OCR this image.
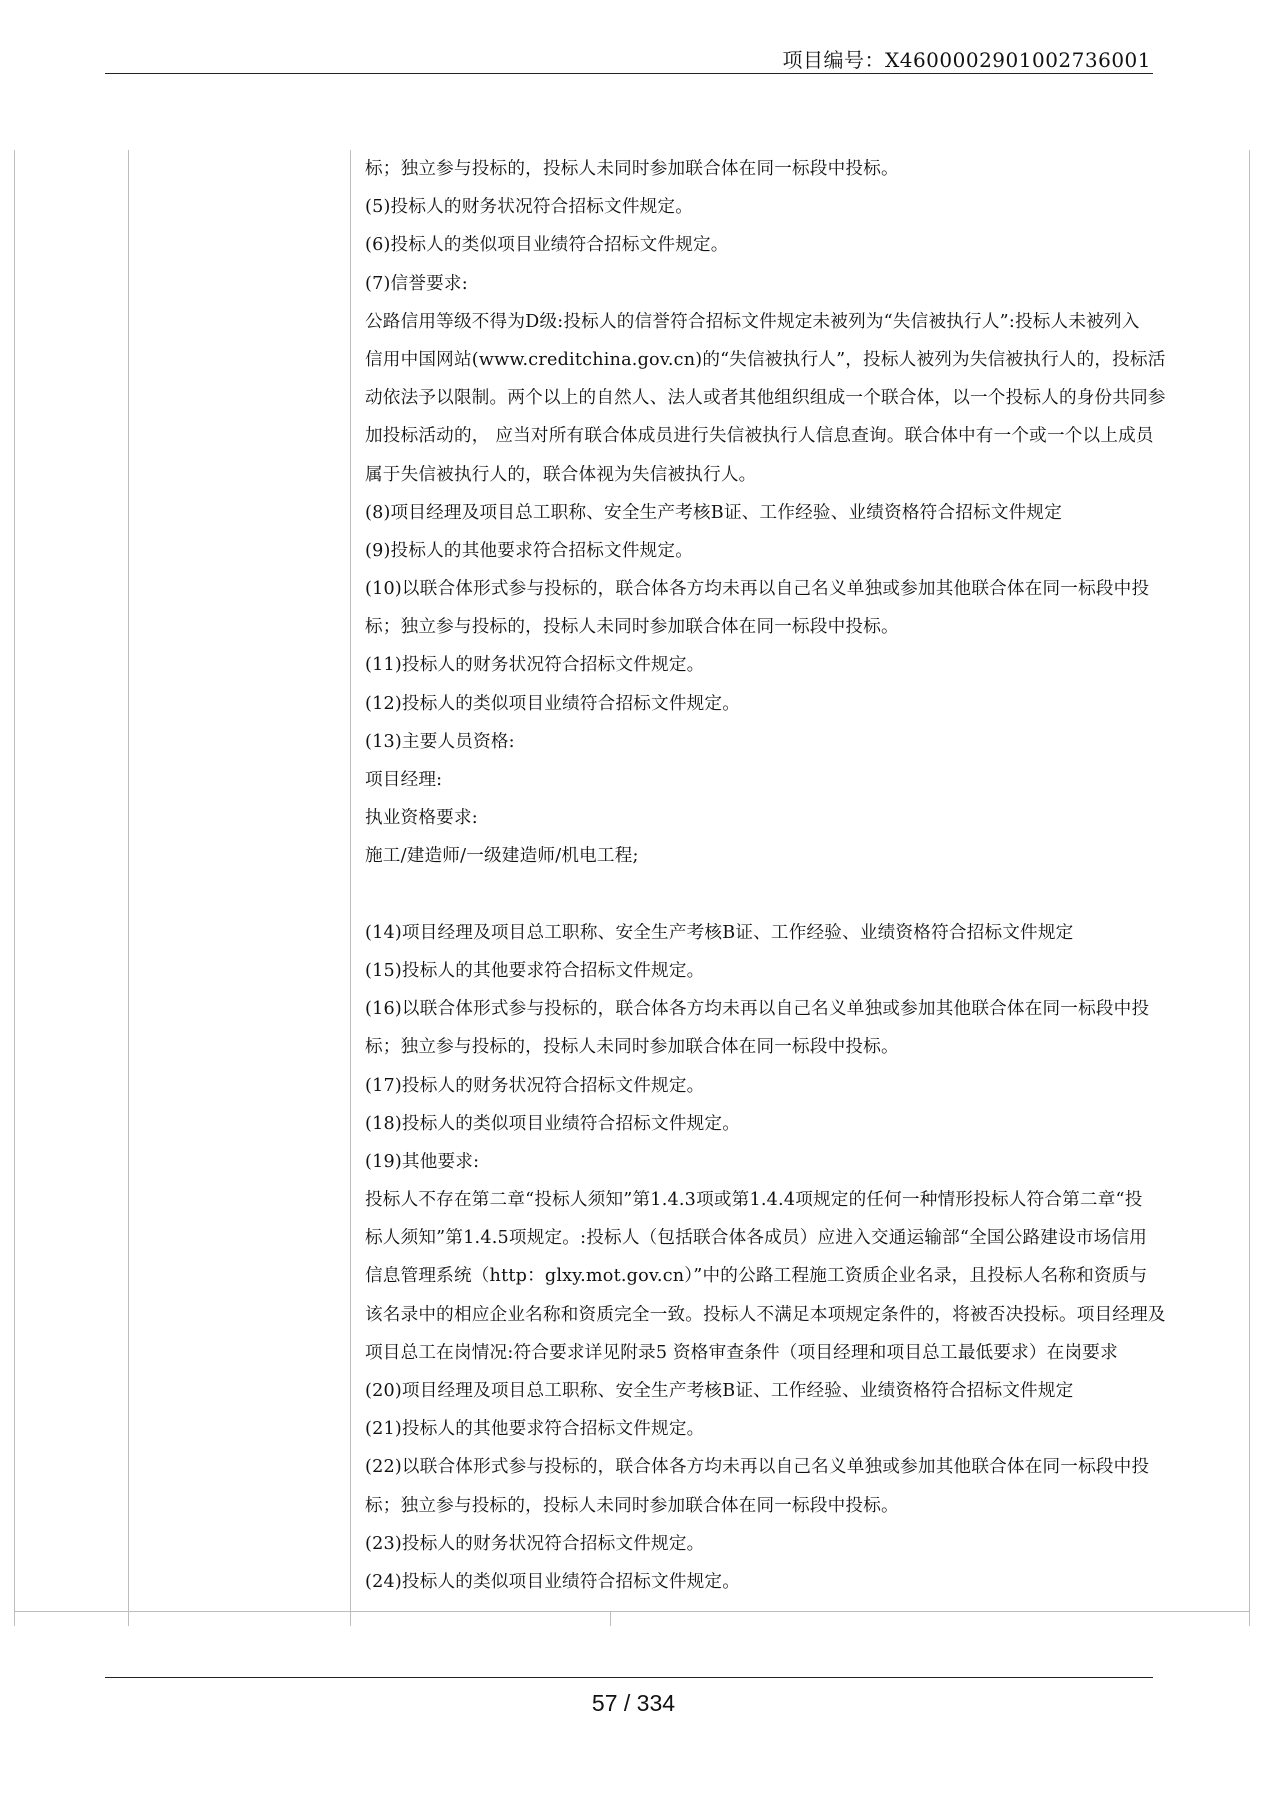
项目编号：X4600002901002736001
标；独立参与投标的，投标人未同时参加联合体在同一标段中投标。
(5)投标人的财务状况符合招标文件规定。
(6)投标人的类似项目业绩符合招标文件规定。
(7)信誉要求:
公路信用等级不得为D级:投标人的信誉符合招标文件规定未被列为“失信被执行人”:投标人未被列入
信用中国网站(www.creditchina.gov.cn)的“失信被执行人”，投标人被列为失信被执行人的，投标活
动依法予以限制。两个以上的自然人、法人或者其他组织组成一个联合体，以一个投标人的身份共同参
加投标活动的， 应当对所有联合体成员进行失信被执行人信息查询。联合体中有一个或一个以上成员
属于失信被执行人的，联合体视为失信被执行人。
(8)项目经理及项目总工职称、安全生产考核B证、工作经验、业绩资格符合招标文件规定
(9)投标人的其他要求符合招标文件规定。
(10)以联合体形式参与投标的，联合体各方均未再以自己名义单独或参加其他联合体在同一标段中投
标；独立参与投标的，投标人未同时参加联合体在同一标段中投标。
(11)投标人的财务状况符合招标文件规定。
(12)投标人的类似项目业绩符合招标文件规定。
(13)主要人员资格:
项目经理:
执业资格要求:
施工/建造师/一级建造师/机电工程;
(14)项目经理及项目总工职称、安全生产考核B证、工作经验、业绩资格符合招标文件规定
(15)投标人的其他要求符合招标文件规定。
(16)以联合体形式参与投标的，联合体各方均未再以自己名义单独或参加其他联合体在同一标段中投
标；独立参与投标的，投标人未同时参加联合体在同一标段中投标。
(17)投标人的财务状况符合招标文件规定。
(18)投标人的类似项目业绩符合招标文件规定。
(19)其他要求:
投标人不存在第二章“投标人须知”第1.4.3项或第1.4.4项规定的任何一种情形投标人符合第二章“投
标人须知”第1.4.5项规定。:投标人（包括联合体各成员）应进入交通运输部“全国公路建设市场信用
信息管理系统（http：glxy.mot.gov.cn）”中的公路工程施工资质企业名录，且投标人名称和资质与
该名录中的相应企业名称和资质完全一致。投标人不满足本项规定条件的，将被否决投标。项目经理及
项目总工在岗情况:符合要求详见附录5 资格审查条件（项目经理和项目总工最低要求）在岗要求
(20)项目经理及项目总工职称、安全生产考核B证、工作经验、业绩资格符合招标文件规定
(21)投标人的其他要求符合招标文件规定。
(22)以联合体形式参与投标的，联合体各方均未再以自己名义单独或参加其他联合体在同一标段中投
标；独立参与投标的，投标人未同时参加联合体在同一标段中投标。
(23)投标人的财务状况符合招标文件规定。
(24)投标人的类似项目业绩符合招标文件规定。
57 / 334
